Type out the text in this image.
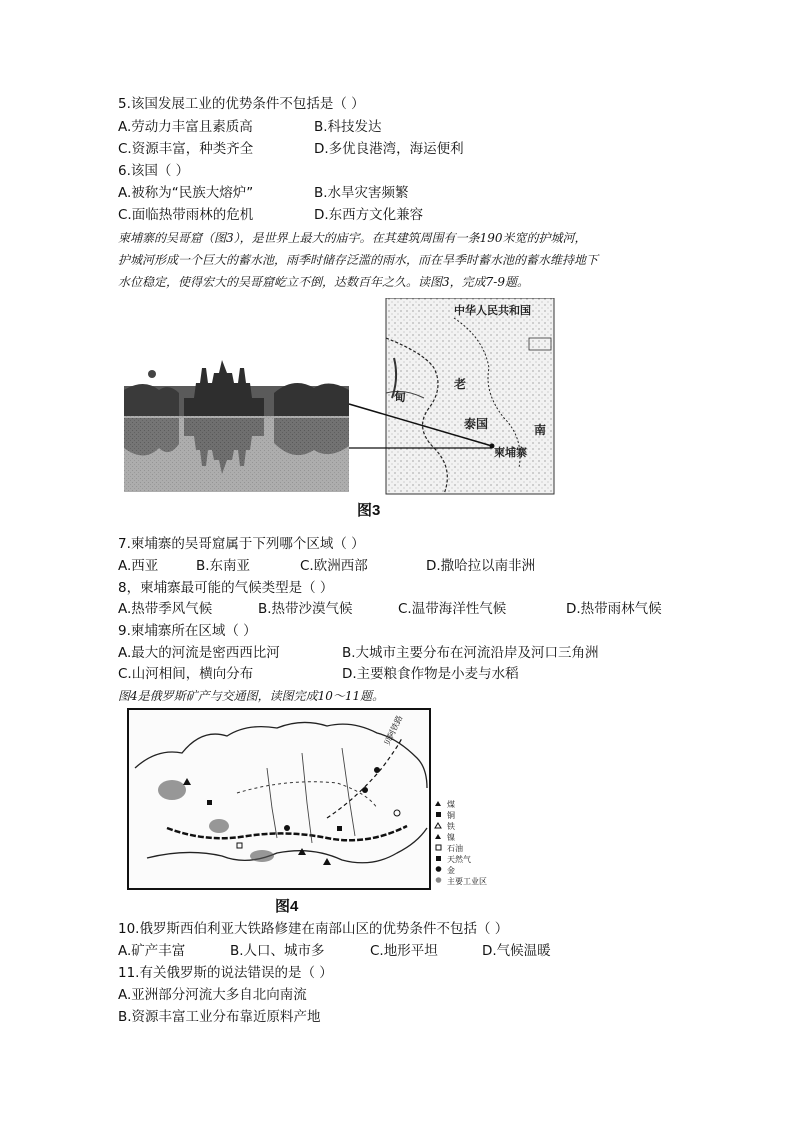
5.该国发展工业的优势条件不包括是（ ）
A.劳动力丰富且素质高	B.科技发达
C.资源丰富，种类齐全	D.多优良港湾，海运便利
6.该国（ ）
A.被称为“民族大熔炉”	B.水旱灾害频繁
C.面临热带雨林的危机	D.东西方文化兼容
柬埔寨的吴哥窟（图3），是世界上最大的庙宇。在其建筑周围有一条190米宽的护城河，
护城河形成一个巨大的蓄水池，雨季时储存泛滥的雨水，而在旱季时蓄水池的蓄水维持地下
水位稳定，使得宏大的吴哥窟屹立不倒，达数百年之久。读图3，完成7-9题。
中华人民共和国
老
泰国
柬埔寨
甸
南
图3
7.柬埔寨的吴哥窟属于下列哪个区域（ ）
A.西亚	B.东南亚	C.欧洲西部	D.撒哈拉以南非洲
8，柬埔寨最可能的气候类型是（ ）
A.热带季风气候	B.热带沙漠气候	C.温带海洋性气候	D.热带雨林气候
9.柬埔寨所在区域（ ）
A.最大的河流是密西西比河	B.大城市主要分布在河流沿岸及河口三角洲
C.山河相间，横向分布	D.主要粮食作物是小麦与水稻
图4是俄罗斯矿产与交通图，读图完成10～11题。
贝阿铁路
煤
铜
铁
镍
石油
天然气
金
主要工业区
图4
10.俄罗斯西伯利亚大铁路修建在南部山区的优势条件不包括（ ）
A.矿产丰富	B.人口、城市多	C.地形平坦	D.气候温暖
11.有关俄罗斯的说法错误的是（ ）
A.亚洲部分河流大多自北向南流
B.资源丰富工业分布靠近原料产地
